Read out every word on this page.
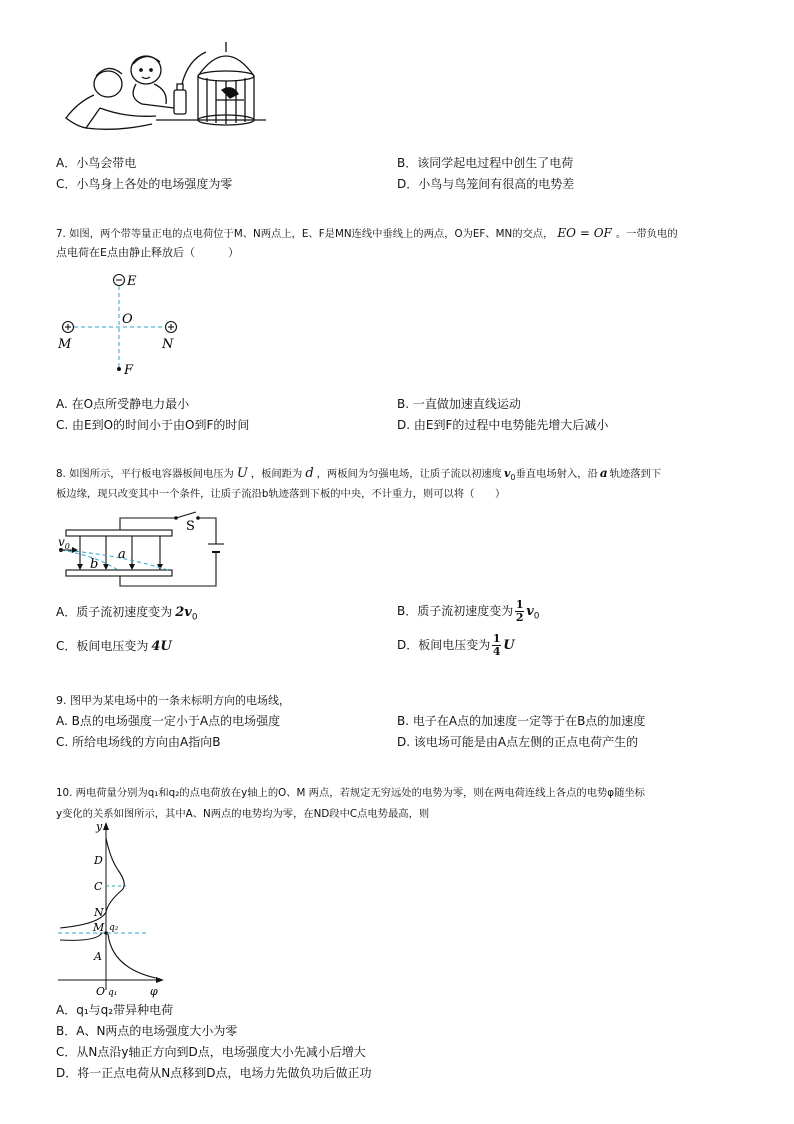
A．小鸟会带电	B．该同学起电过程中创生了电荷
C．小鸟身上各处的电场强度为零	D．小鸟与鸟笼间有很高的电势差
7. 如图，两个带等量正电的点电荷位于M、N两点上，E、F是MN连线中垂线上的两点，O为EF、MN的交点， EO = OF 。一带负电的
点电荷在E点由静止释放后（　　　）
E
O
M	N
F
A. 在O点所受静电力最小	B. 一直做加速直线运动
C. 由E到O的时间小于由O到F的时间	D. 由E到F的过程中电势能先增大后减小
8. 如图所示，平行板电容器板间电压为 U ，板间距为 d ，两板间为匀强电场，让质子流以初速度 $v_0$垂直电场射入，沿 a 轨迹落到下
板边缘，现只改变其中一个条件，让质子流沿b轨迹落到下板的中央，不计重力，则可以将（　　）
S
$v_0$
a
b
A．质子流初速度变为 $2v_0$	B．质子流初速度变为 $\frac{1}{2} v_0$
C．板间电压变为 4U	D．板间电压变为 $\frac{1}{4}$ U
9. 图甲为某电场中的一条未标明方向的电场线，
A. B点的电场强度一定小于A点的电场强度	B. 电子在A点的加速度一定等于在B点的加速度
C. 所给电场线的方向由A指向B	D. 该电场可能是由A点左侧的正点电荷产生的
10. 两电荷量分别为q₁和q₂的点电荷放在y轴上的O、M 两点，若规定无穷远处的电势为零，则在两电荷连线上各点的电势φ随坐标
y变化的关系如图所示，其中A、N两点的电势均为零，在ND段中C点电势最高，则
y
D
C
N
M q₂
A
O q₁	φ
A．q₁与q₂带异种电荷
B．A、N两点的电场强度大小为零
C．从N点沿y轴正方向到D点，电场强度大小先减小后增大
D．将一正点电荷从N点移到D点，电场力先做负功后做正功
